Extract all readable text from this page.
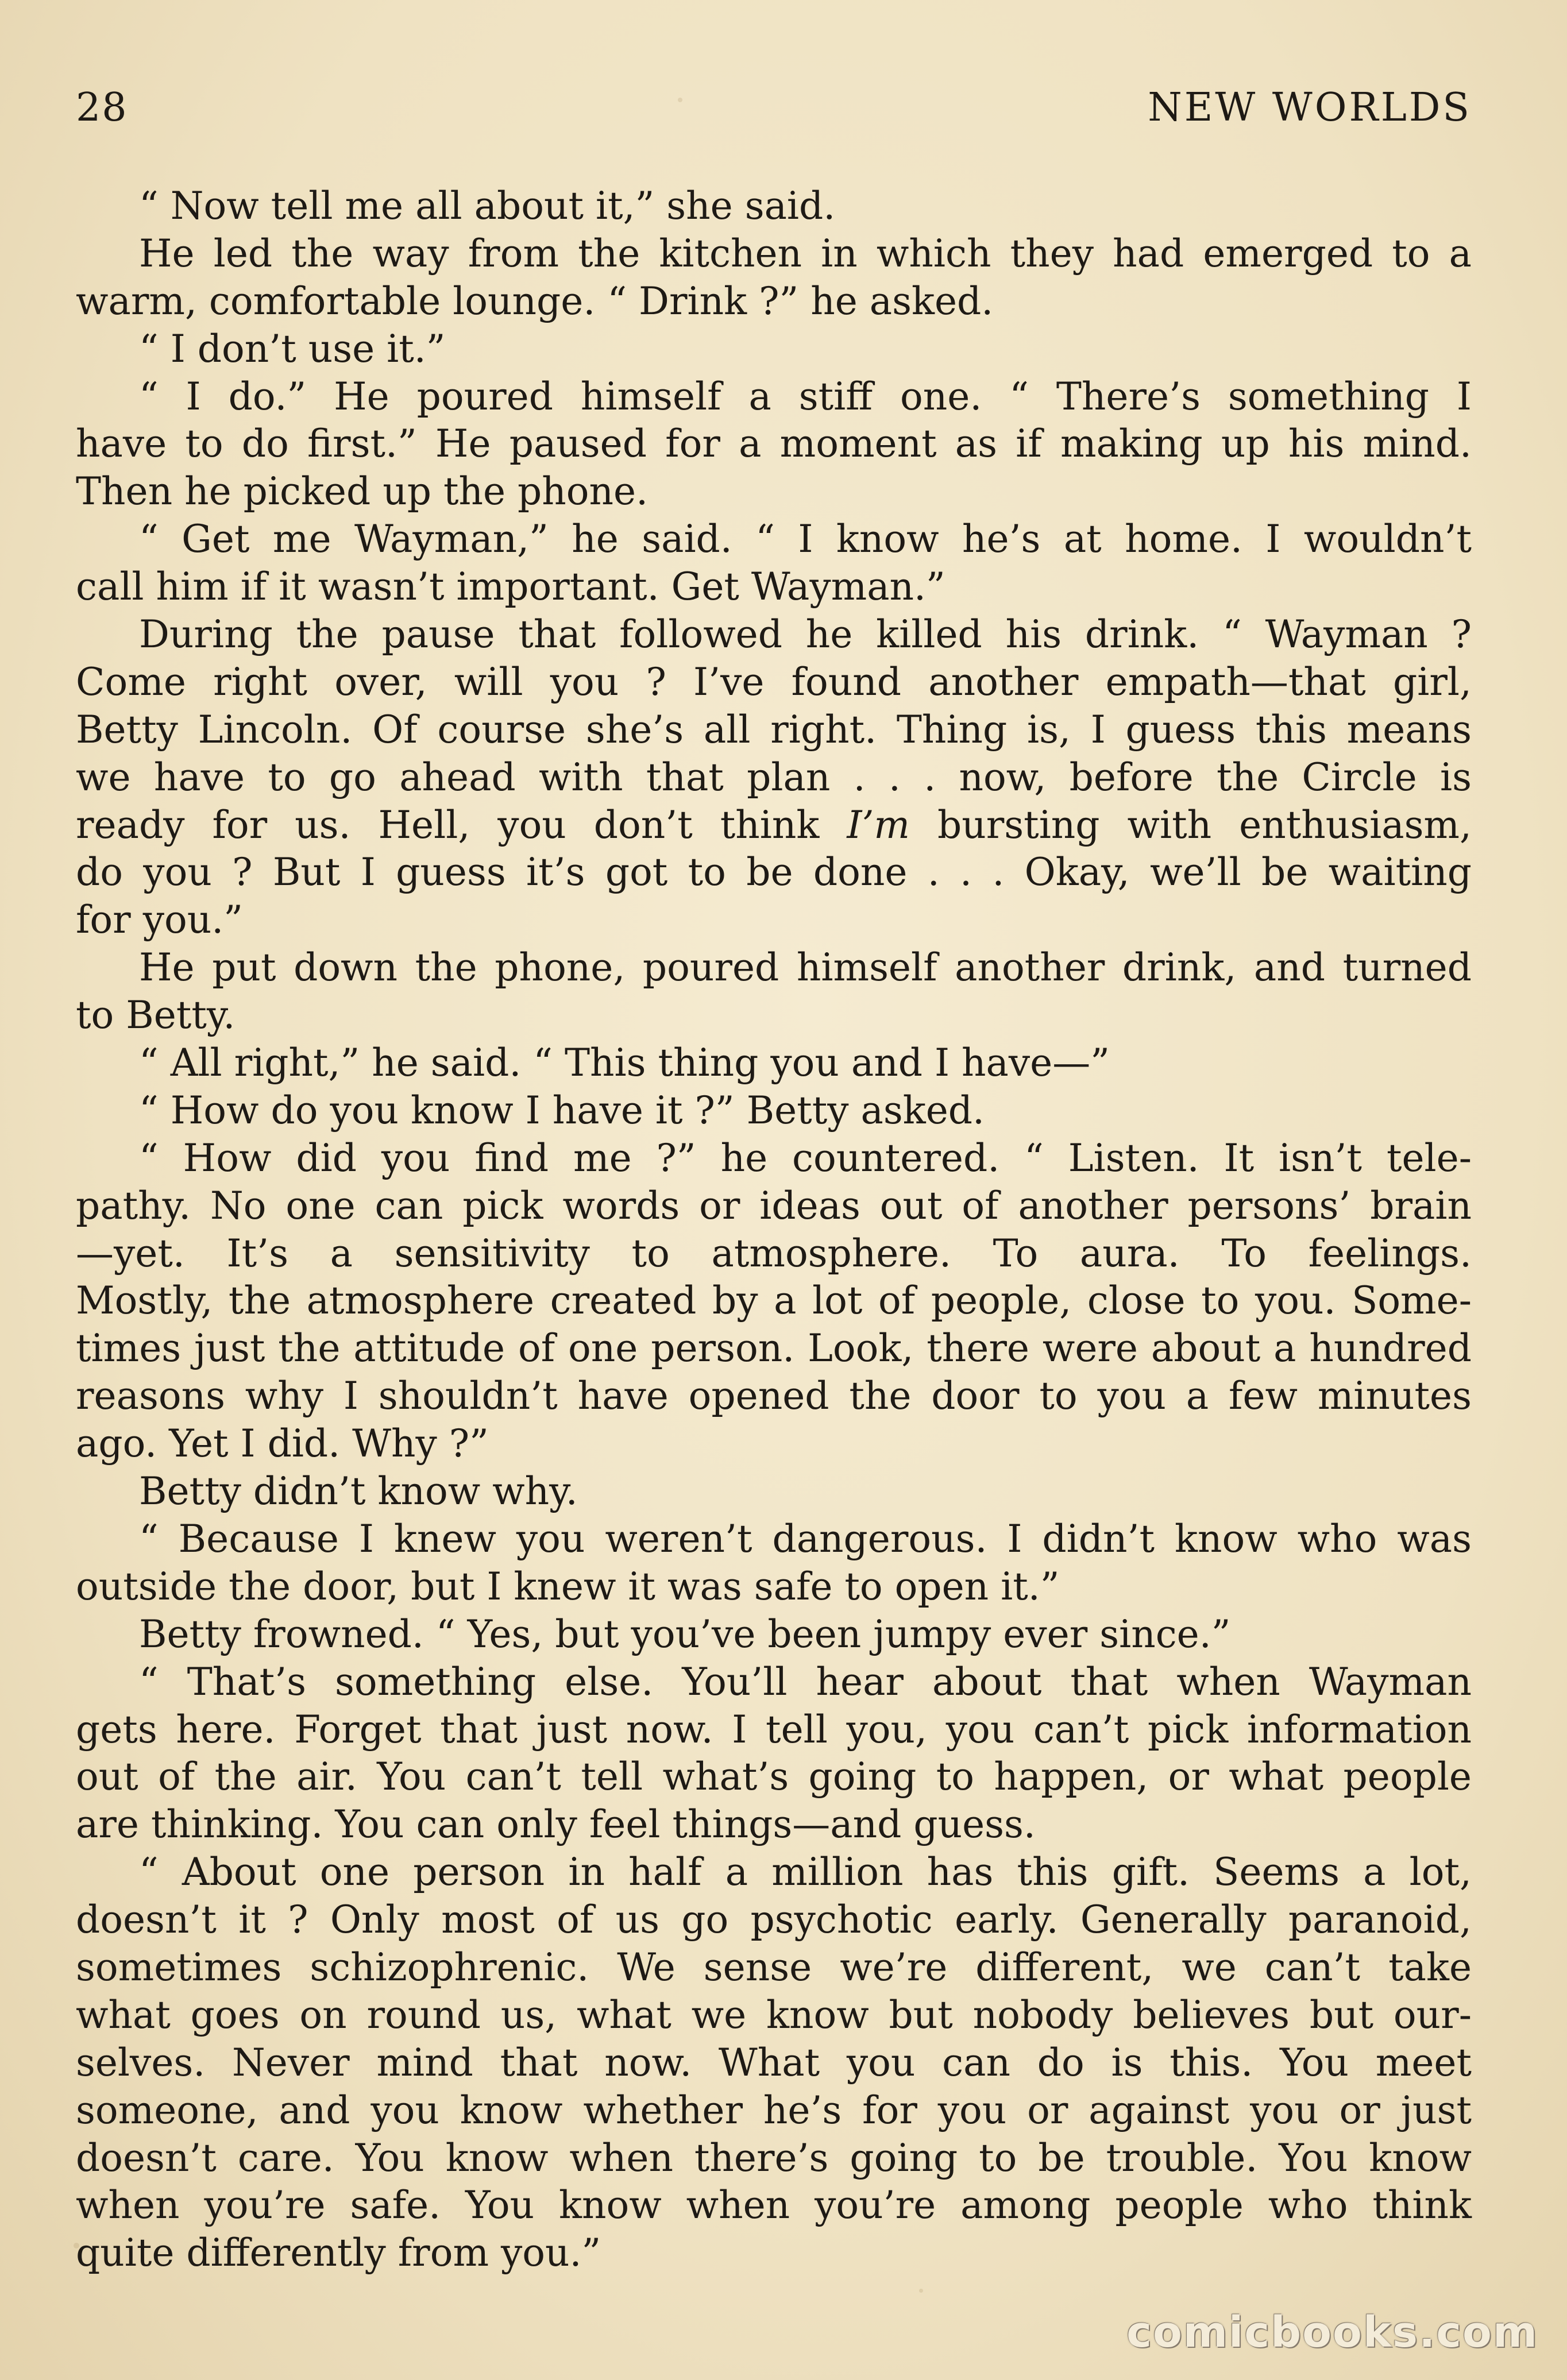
28	NEW WORLDS
“ Now tell me all about it,” she said.
He led the way from the kitchen in which they had emerged to a
warm, comfortable lounge. “ Drink ?” he asked.
“ I don’t use it.”
“ I do.” He poured himself a stiff one. “ There’s something I
have to do first.” He paused for a moment as if making up his mind.
Then he picked up the phone.
“ Get me Wayman,” he said. “ I know he’s at home. I wouldn’t
call him if it wasn’t important. Get Wayman.”
During the pause that followed he killed his drink. “ Wayman ?
Come right over, will you ? I’ve found another empath—that girl,
Betty Lincoln. Of course she’s all right. Thing is, I guess this means
we have to go ahead with that plan . . . now, before the Circle is
ready for us. Hell, you don’t think I’m bursting with enthusiasm,
do you ? But I guess it’s got to be done . . . Okay, we’ll be waiting
for you.”
He put down the phone, poured himself another drink, and turned
to Betty.
“ All right,” he said. “ This thing you and I have—”
“ How do you know I have it ?” Betty asked.
“ How did you find me ?” he countered. “ Listen. It isn’t tele-
pathy. No one can pick words or ideas out of another persons’ brain
—yet. It’s a sensitivity to atmosphere. To aura. To feelings.
Mostly, the atmosphere created by a lot of people, close to you. Some-
times just the attitude of one person. Look, there were about a hundred
reasons why I shouldn’t have opened the door to you a few minutes
ago. Yet I did. Why ?”
Betty didn’t know why.
“ Because I knew you weren’t dangerous. I didn’t know who was
outside the door, but I knew it was safe to open it.”
Betty frowned. “ Yes, but you’ve been jumpy ever since.”
“ That’s something else. You’ll hear about that when Wayman
gets here. Forget that just now. I tell you, you can’t pick information
out of the air. You can’t tell what’s going to happen, or what people
are thinking. You can only feel things—and guess.
“ About one person in half a million has this gift. Seems a lot,
doesn’t it ? Only most of us go psychotic early. Generally paranoid,
sometimes schizophrenic. We sense we’re different, we can’t take
what goes on round us, what we know but nobody believes but our-
selves. Never mind that now. What you can do is this. You meet
someone, and you know whether he’s for you or against you or just
doesn’t care. You know when there’s going to be trouble. You know
when you’re safe. You know when you’re among people who think
quite differently from you.”
comicbooks.com
